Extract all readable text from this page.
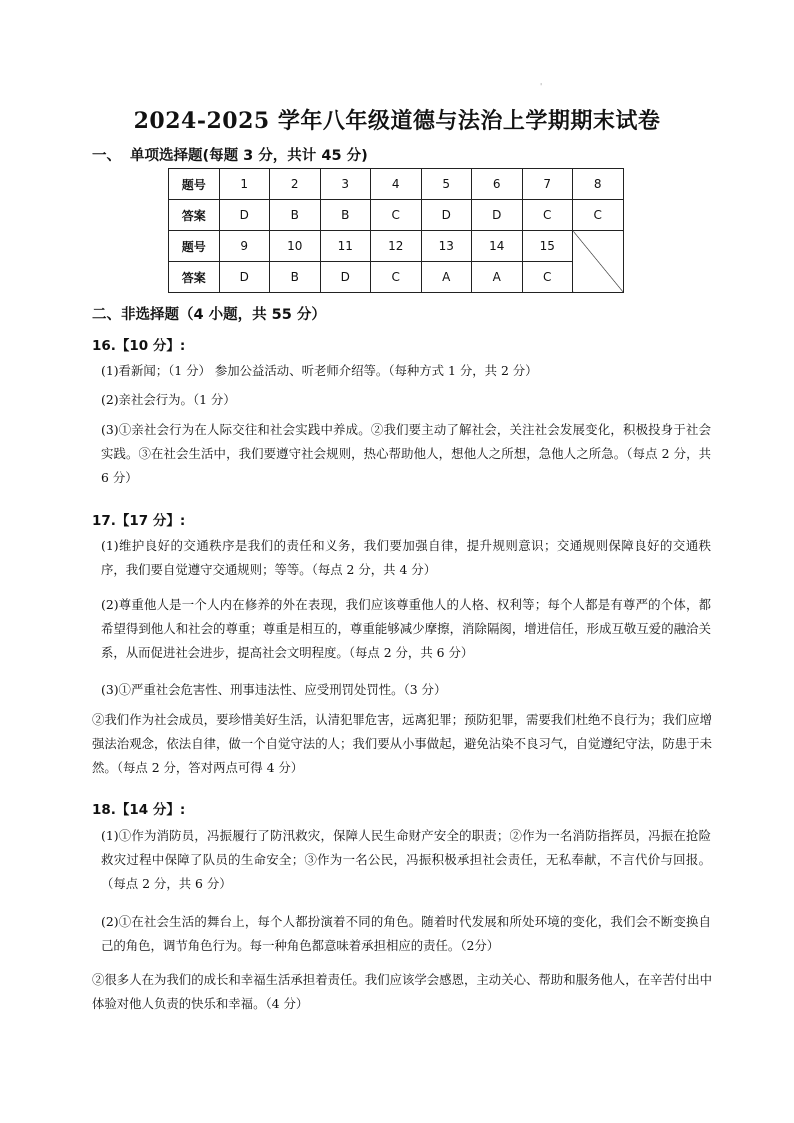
'
2024-2025 学年八年级道德与法治上学期期末试卷
一、 单项选择题(每题 3 分，共计 45 分)
题号	1	2	3	4	5	6	7	8
答案	D	B	B	C	D	D	C	C
题号	9	10	11	12	13	14	15	
答案	D	B	D	C	A	A	C	
二、非选择题（4 小题，共 55 分）
16.【10 分】:
(1)看新闻；（1 分） 参加公益活动、听老师介绍等。（每种方式 1 分，共 2 分）
(2)亲社会行为。（1 分）
(3)①亲社会行为在人际交往和社会实践中养成。②我们要主动了解社会，关注社会发展变化，积极投身于社会实践。③在社会生活中，我们要遵守社会规则，热心帮助他人，想他人之所想，急他人之所急。（每点 2 分，共 6 分）
17.【17 分】:
(1)维护良好的交通秩序是我们的责任和义务，我们要加强自律，提升规则意识；交通规则保障良好的交通秩序，我们要自觉遵守交通规则；等等。（每点 2 分，共 4 分）
(2)尊重他人是一个人内在修养的外在表现，我们应该尊重他人的人格、权利等；每个人都是有尊严的个体，都希望得到他人和社会的尊重；尊重是相互的，尊重能够减少摩擦，消除隔阂，增进信任，形成互敬互爱的融洽关系，从而促进社会进步，提高社会文明程度。（每点 2 分，共 6 分）
(3)①严重社会危害性、刑事违法性、应受刑罚处罚性。（3 分）
②我们作为社会成员，要珍惜美好生活，认清犯罪危害，远离犯罪；预防犯罪，需要我们杜绝不良行为；我们应增强法治观念，依法自律，做一个自觉守法的人；我们要从小事做起，避免沾染不良习气，自觉遵纪守法，防患于未然。（每点 2 分，答对两点可得 4 分）
18.【14 分】:
(1)①作为消防员，冯振履行了防汛救灾，保障人民生命财产安全的职责；②作为一名消防指挥员，冯振在抢险救灾过程中保障了队员的生命安全；③作为一名公民，冯振积极承担社会责任，无私奉献，不言代价与回报。（每点 2 分，共 6 分）
(2)①在社会生活的舞台上，每个人都扮演着不同的角色。随着时代发展和所处环境的变化，我们会不断变换自己的角色，调节角色行为。每一种角色都意味着承担相应的责任。（2分）
②很多人在为我们的成长和幸福生活承担着责任。我们应该学会感恩，主动关心、帮助和服务他人，在辛苦付出中体验对他人负责的快乐和幸福。（4 分）
